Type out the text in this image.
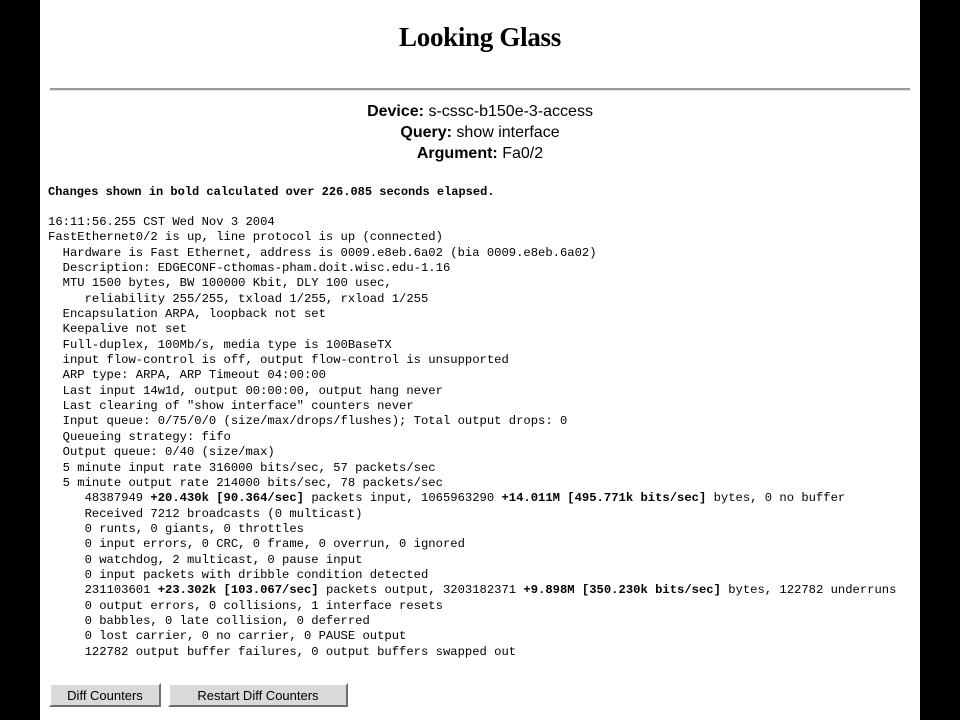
Looking Glass
Device: s-cssc-b150e-3-access
Query: show interface
Argument: Fa0/2
Changes shown in bold calculated over 226.085 seconds elapsed.
16:11:56.255 CST Wed Nov 3 2004
FastEthernet0/2 is up, line protocol is up (connected)
Hardware is Fast Ethernet, address is 0009.e8eb.6a02 (bia 0009.e8eb.6a02)
Description: EDGECONF-cthomas-pham.doit.wisc.edu-1.16
MTU 1500 bytes, BW 100000 Kbit, DLY 100 usec,
reliability 255/255, txload 1/255, rxload 1/255
Encapsulation ARPA, loopback not set
Keepalive not set
Full-duplex, 100Mb/s, media type is 100BaseTX
input flow-control is off, output flow-control is unsupported
ARP type: ARPA, ARP Timeout 04:00:00
Last input 14w1d, output 00:00:00, output hang never
Last clearing of "show interface" counters never
Input queue: 0/75/0/0 (size/max/drops/flushes); Total output drops: 0
Queueing strategy: fifo
Output queue: 0/40 (size/max)
5 minute input rate 316000 bits/sec, 57 packets/sec
5 minute output rate 214000 bits/sec, 78 packets/sec
48387949 +20.430k [90.364/sec] packets input, 1065963290 +14.011M [495.771k bits/sec] bytes, 0 no buffer
Received 7212 broadcasts (0 multicast)
0 runts, 0 giants, 0 throttles
0 input errors, 0 CRC, 0 frame, 0 overrun, 0 ignored
0 watchdog, 2 multicast, 0 pause input
0 input packets with dribble condition detected
231103601 +23.302k [103.067/sec] packets output, 3203182371 +9.898M [350.230k bits/sec] bytes, 122782 underruns
0 output errors, 0 collisions, 1 interface resets
0 babbles, 0 late collision, 0 deferred
0 lost carrier, 0 no carrier, 0 PAUSE output
122782 output buffer failures, 0 output buffers swapped out
Diff Counters	Restart Diff Counters
